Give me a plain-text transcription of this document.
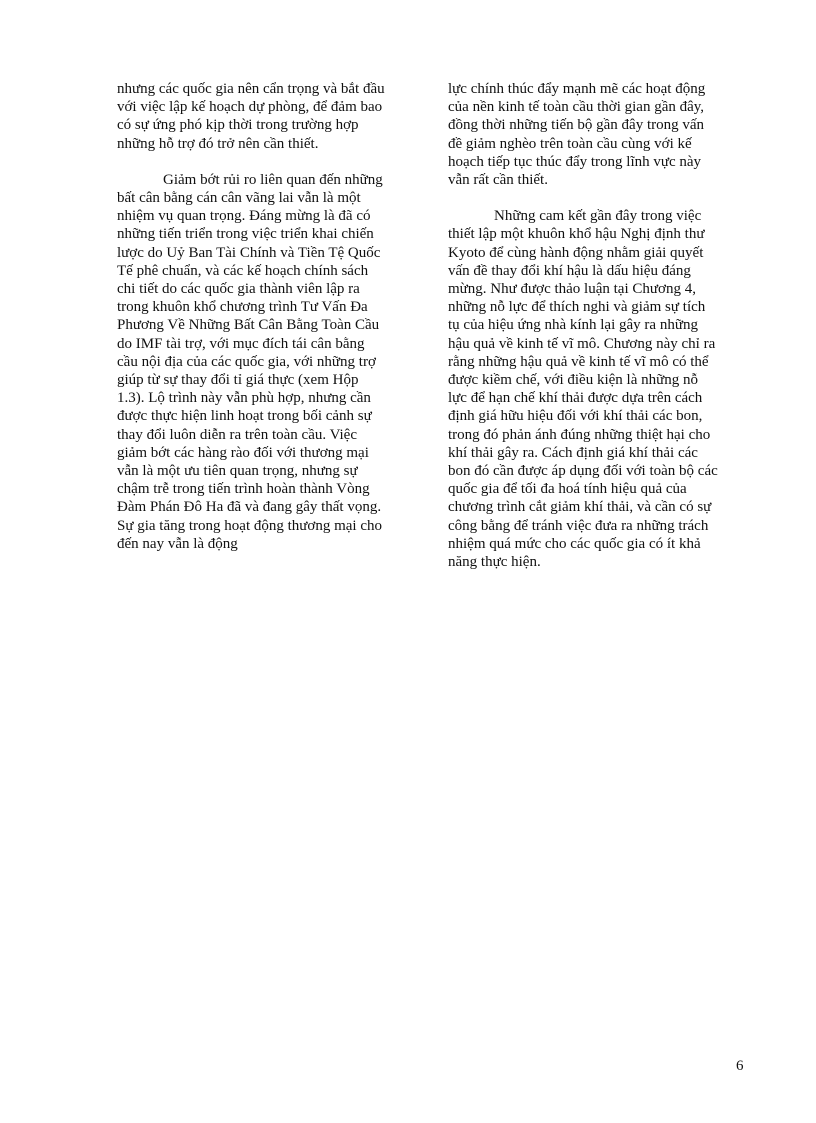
nhưng các quốc gia nên cẩn trọng và bắt đầu với việc lập kế hoạch dự phòng, để đảm bao có sự ứng phó kịp thời trong trường hợp những hỗ trợ đó trở nên cần thiết.

Giảm bớt rủi ro liên quan đến những bất cân bằng cán cân vãng lai vẫn là một nhiệm vụ quan trọng. Đáng mừng là đã có những tiến triển trong việc triển khai chiến lược do Uỷ Ban Tài Chính và Tiền Tệ Quốc Tế phê chuẩn, và các kế hoạch chính sách chi tiết do các quốc gia thành viên lập ra trong khuôn khổ chương trình Tư Vấn Đa Phương Về Những Bất Cân Bằng Toàn Cầu do IMF tài trợ, với mục đích tái cân bằng cầu nội địa của các quốc gia, với những trợ giúp từ sự thay đổi tỉ giá thực (xem Hộp 1.3). Lộ trình này vẫn phù hợp, nhưng cần được thực hiện linh hoạt trong bối cảnh sự thay đổi luôn diễn ra trên toàn cầu. Việc giảm bớt các hàng rào đối với thương mại vẫn là một ưu tiên quan trọng, nhưng sự chậm trễ trong tiến trình hoàn thành Vòng Đàm Phán Đô Ha đã và đang gây thất vọng. Sự gia tăng trong hoạt động thương mại cho đến nay vẫn là động

lực chính thúc đẩy mạnh mẽ các hoạt động của nền kinh tế toàn cầu thời gian gần đây, đồng thời những tiến bộ gần đây trong vấn đề giảm nghèo trên toàn cầu cùng với kế hoạch tiếp tục thúc đẩy trong lĩnh vực này vẫn rất cần thiết.

Những cam kết gần đây trong việc thiết lập một khuôn khổ hậu Nghị định thư Kyoto để cùng hành động nhằm giải quyết vấn đề thay đổi khí hậu là dấu hiệu đáng mừng. Như được thảo luận tại Chương 4, những nỗ lực để thích nghi và giảm sự tích tụ của hiệu ứng nhà kính lại gây ra những hậu quả về kinh tế vĩ mô. Chương này chỉ ra rằng những hậu quả về kinh tế vĩ mô có thể được kiềm chế, với điều kiện là những nỗ lực để hạn chế khí thải được dựa trên cách định giá hữu hiệu đối với khí thải các bon, trong đó phản ánh đúng những thiệt hại cho khí thải gây ra. Cách định giá khí thải các bon đó cần được áp dụng đối với toàn bộ các quốc gia để tối đa hoá tính hiệu quả của chương trình cắt giảm khí thải, và cần có sự công bằng để tránh việc đưa ra những trách nhiệm quá mức cho các quốc gia có ít khả năng thực hiện.

6
